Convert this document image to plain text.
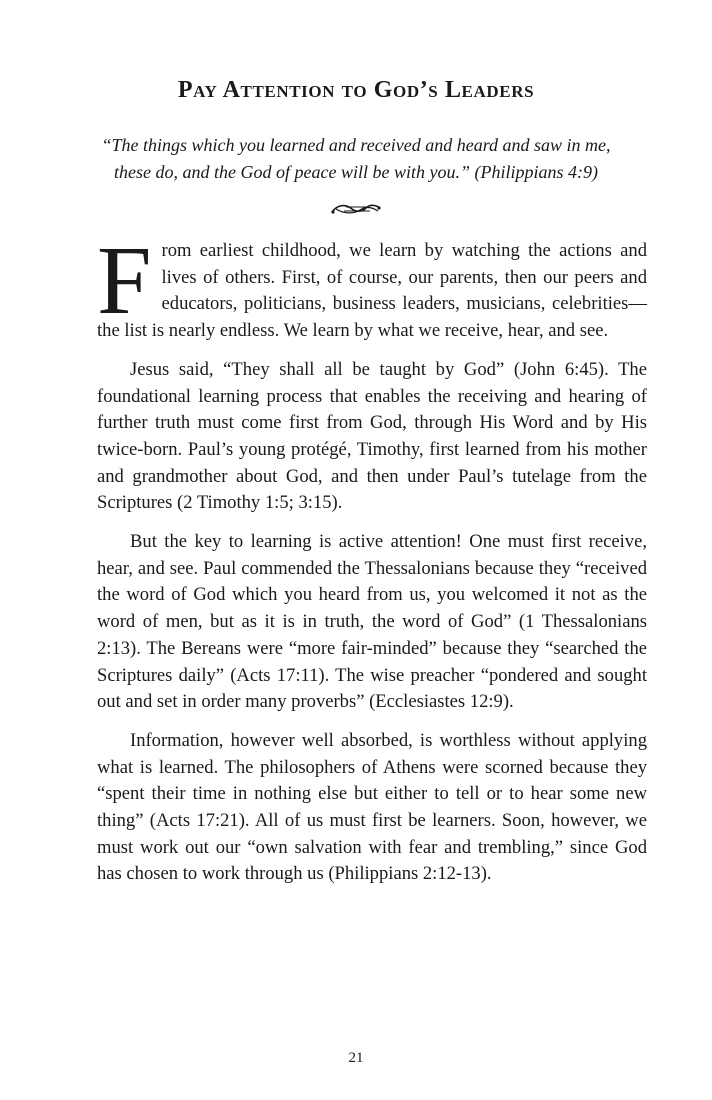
Pay Attention to God’s Leaders
“The things which you learned and received and heard and saw in me,
these do, and the God of peace will be with you.” (Philippians 4:9)

From earliest childhood, we learn by watching the actions and lives of others. First, of course, our parents, then our peers and educators, politicians, business leaders, musicians, celebrities—the list is nearly endless. We learn by what we receive, hear, and see.

Jesus said, “They shall all be taught by God” (John 6:45). The foundational learning process that enables the receiving and hearing of further truth must come first from God, through His Word and by His twice-born. Paul’s young protégé, Timothy, first learned from his mother and grandmother about God, and then under Paul’s tutelage from the Scriptures (2 Timothy 1:5; 3:15).

But the key to learning is active attention! One must first receive, hear, and see. Paul commended the Thessalonians because they “received the word of God which you heard from us, you welcomed it not as the word of men, but as it is in truth, the word of God” (1 Thessalonians 2:13). The Bereans were “more fair-minded” because they “searched the Scriptures daily” (Acts 17:11). The wise preacher “pondered and sought out and set in order many proverbs” (Ecclesiastes 12:9).

Information, however well absorbed, is worthless without applying what is learned. The philosophers of Athens were scorned because they “spent their time in nothing else but either to tell or to hear some new thing” (Acts 17:21). All of us must first be learners. Soon, however, we must work out our “own salvation with fear and trembling,” since God has chosen to work through us (Philippians 2:12-13).

21
